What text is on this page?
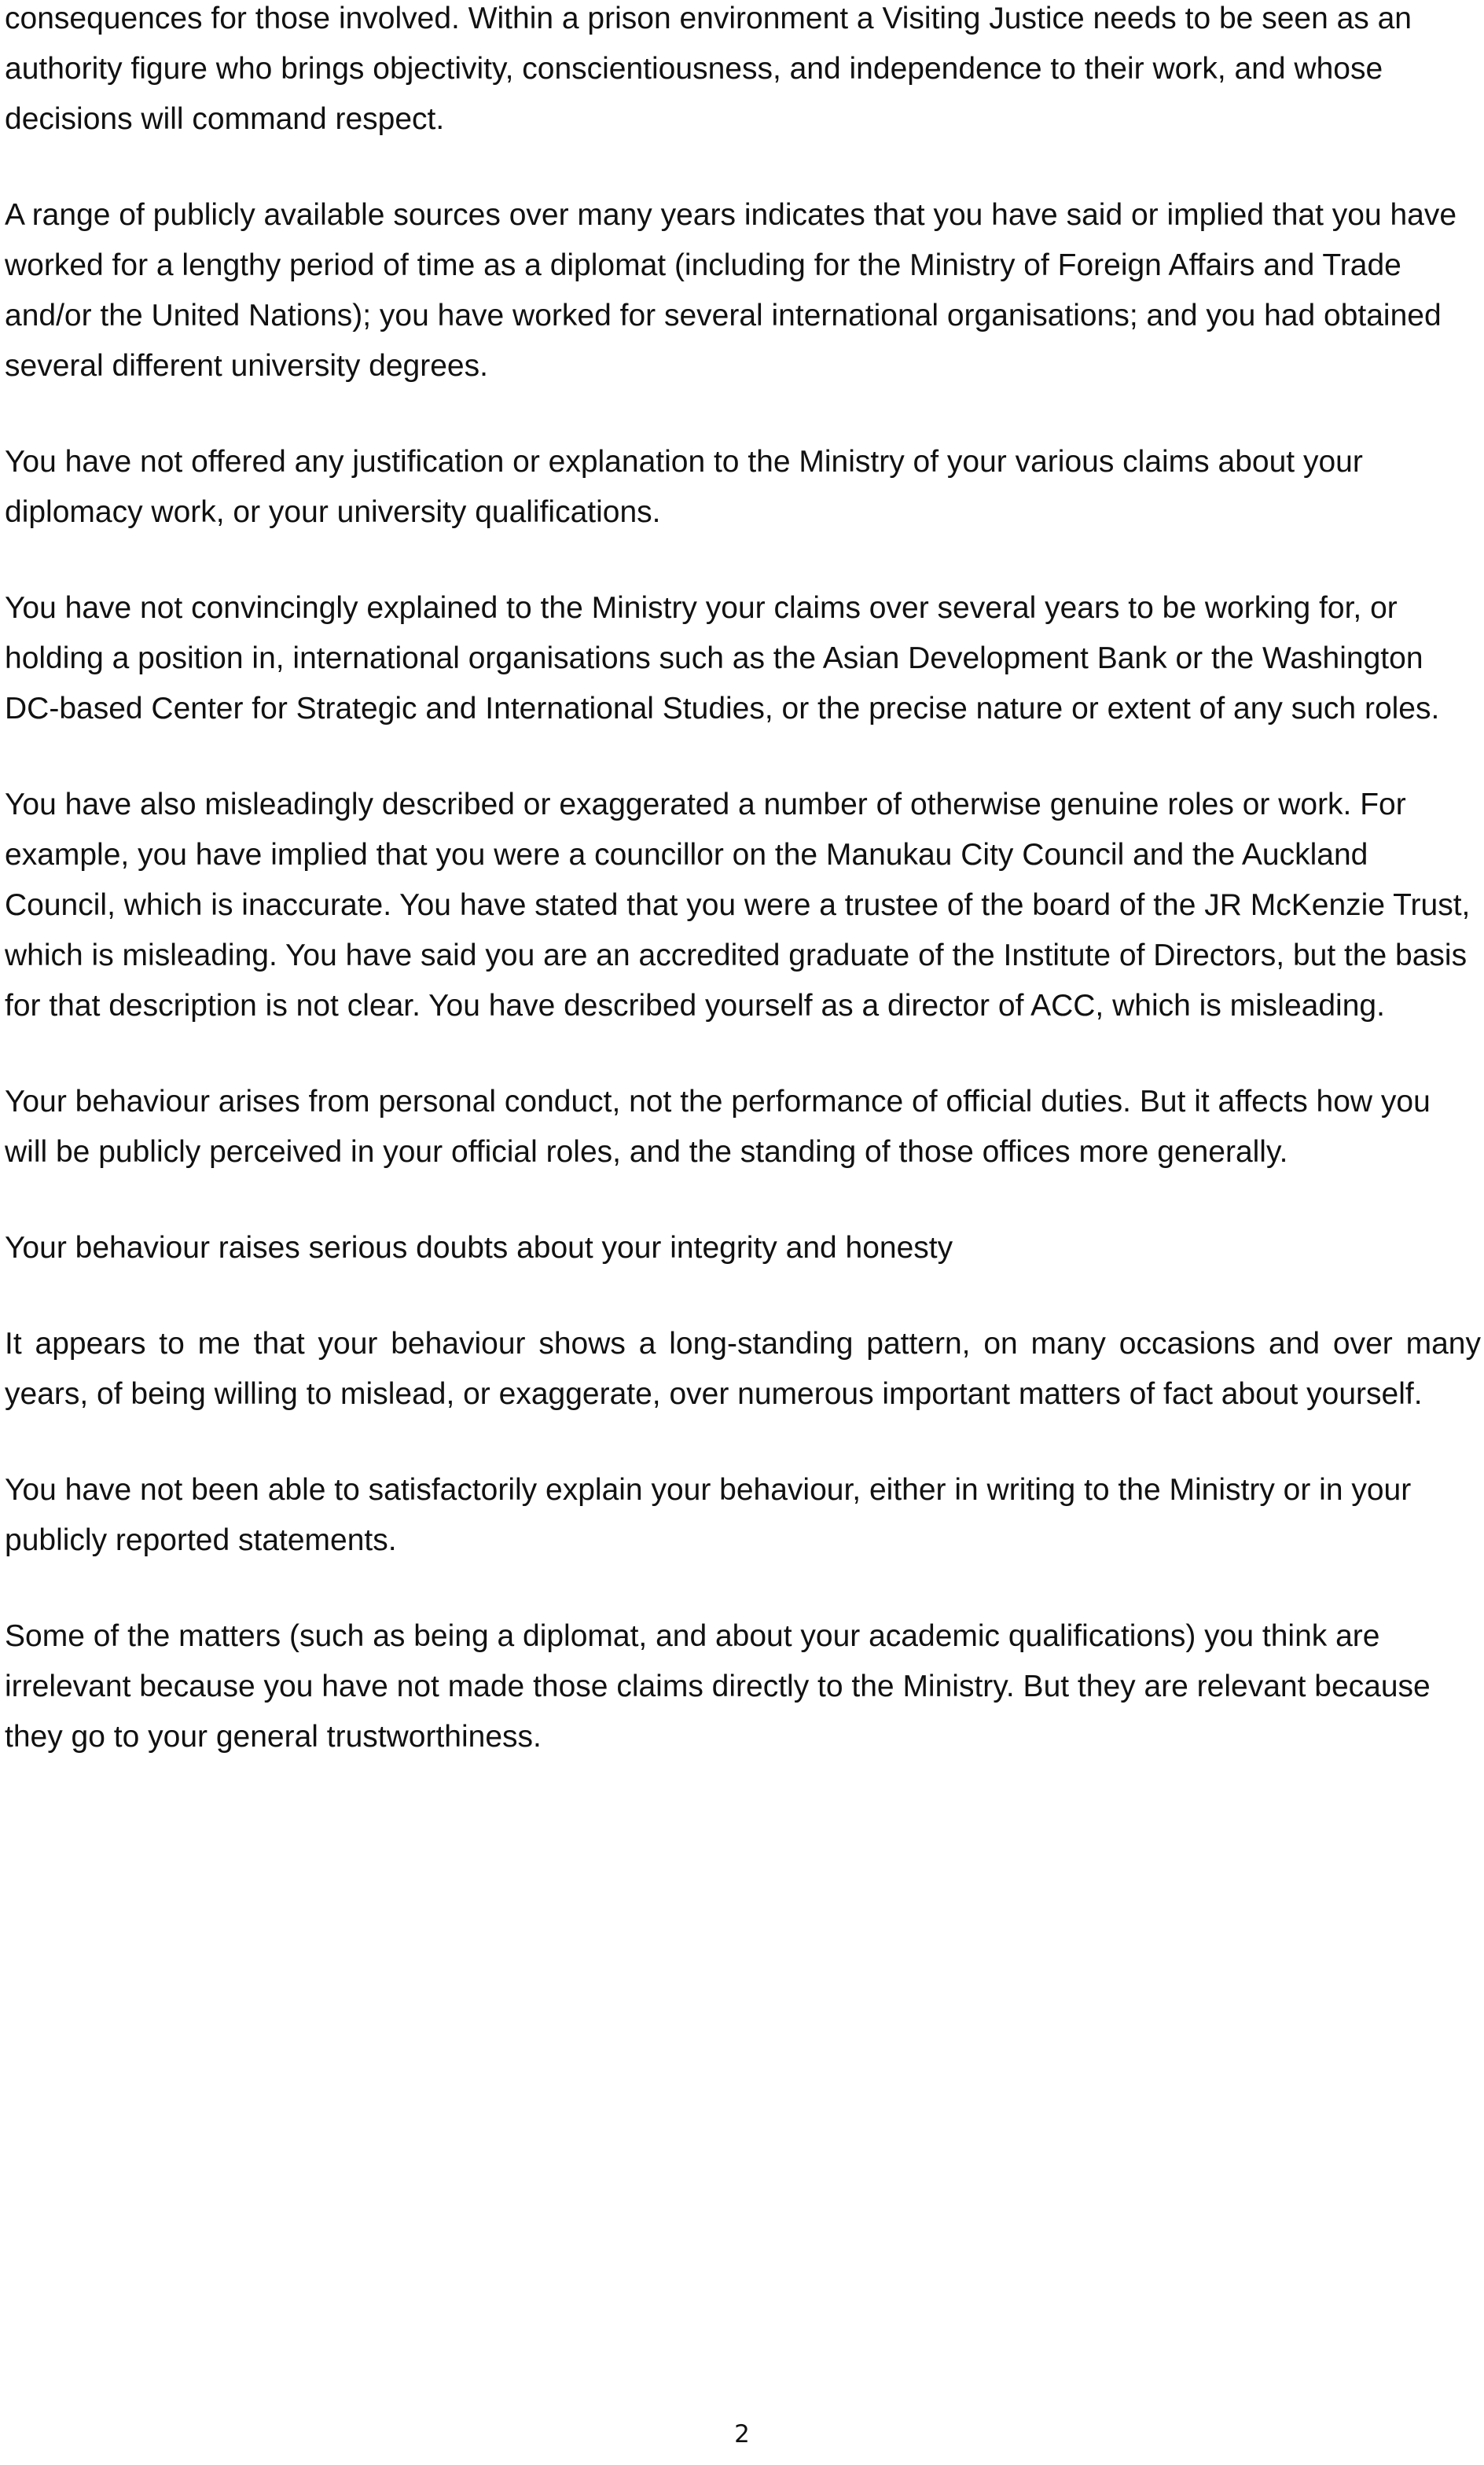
consequences for those involved. Within a prison environment a Visiting Justice needs to be seen as an authority figure who brings objectivity, conscientiousness, and independence to their work, and whose decisions will command respect.

A range of publicly available sources over many years indicates that you have said or implied that you have worked for a lengthy period of time as a diplomat (including for the Ministry of Foreign Affairs and Trade and/or the United Nations); you have worked for several international organisations; and you had obtained several different university degrees.

You have not offered any justification or explanation to the Ministry of your various claims about your diplomacy work, or your university qualifications.

You have not convincingly explained to the Ministry your claims over several years to be working for, or holding a position in, international organisations such as the Asian Development Bank or the Washington DC-based Center for Strategic and International Studies, or the precise nature or extent of any such roles.

You have also misleadingly described or exaggerated a number of otherwise genuine roles or work. For example, you have implied that you were a councillor on the Manukau City Council and the Auckland Council, which is inaccurate. You have stated that you were a trustee of the board of the JR McKenzie Trust, which is misleading. You have said you are an accredited graduate of the Institute of Directors, but the basis for that description is not clear. You have described yourself as a director of ACC, which is misleading.

Your behaviour arises from personal conduct, not the performance of official duties. But it affects how you will be publicly perceived in your official roles, and the standing of those offices more generally.

Your behaviour raises serious doubts about your integrity and honesty

It appears to me that your behaviour shows a long-standing pattern, on many occasions and over many years, of being willing to mislead, or exaggerate, over numerous important matters of fact about yourself.

You have not been able to satisfactorily explain your behaviour, either in writing to the Ministry or in your publicly reported statements.

Some of the matters (such as being a diplomat, and about your academic qualifications) you think are irrelevant because you have not made those claims directly to the Ministry. But they are relevant because they go to your general trustworthiness.

2
